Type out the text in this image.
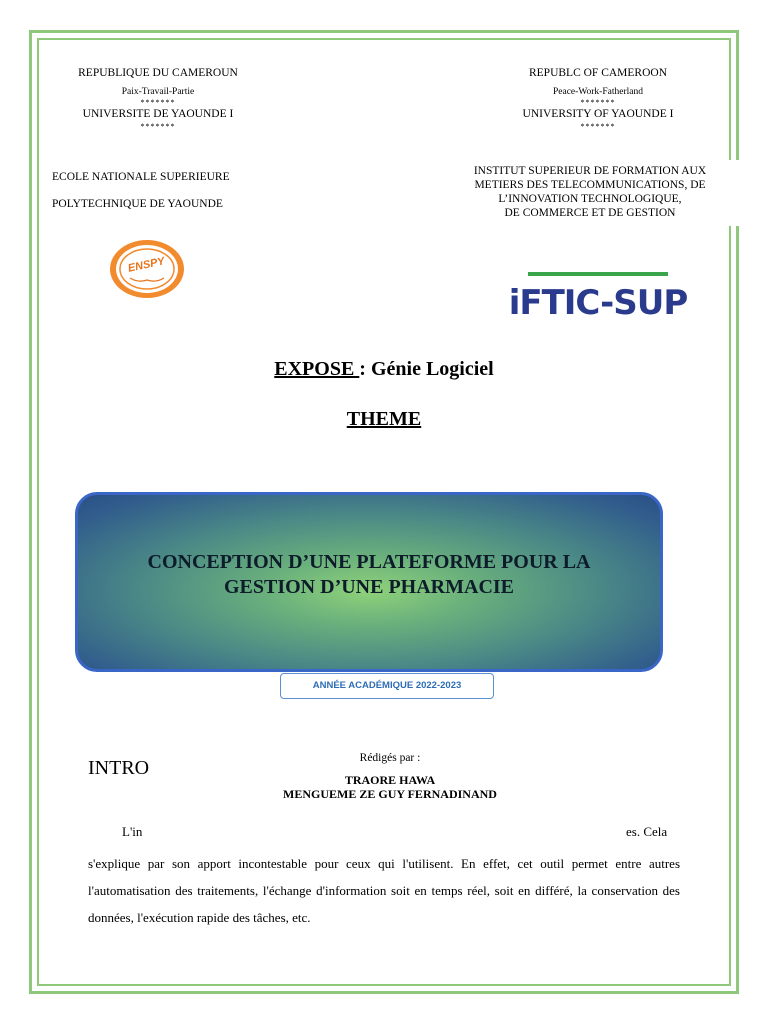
REPUBLIQUE DU CAMEROUN
Paix-Travail-Partie
*******
UNIVERSITE DE YAOUNDE I
*******
REPUBLC OF CAMEROON
Peace-Work-Fatherland
*******
UNIVERSITY OF YAOUNDE I
*******
ECOLE NATIONALE SUPERIEURE
POLYTECHNIQUE DE YAOUNDE
INSTITUT SUPERIEUR DE FORMATION AUX
METIERS DES TELECOMMUNICATIONS, DE
L’INNOVATION TECHNOLOGIQUE,
DE COMMERCE ET DE GESTION
ENSPY
iFTIC-SUP
EXPOSE : Génie Logiciel
THEME
CONCEPTION D’UNE PLATEFORME POUR LA
GESTION D’UNE PHARMACIE
ANNÉE ACADÉMIQUE 2022-2023
INTRO	Rédigés par :
TRAORE HAWA
MENGUEME ZE GUY FERNADINAND
L'in	es. Cela
s'explique par son apport incontestable pour ceux qui l'utilisent. En effet, cet outil permet entre autres l'automatisation des traitements, l'échange d'information soit en temps réel, soit en différé, la conservation des données, l'exécution rapide des tâches, etc.
